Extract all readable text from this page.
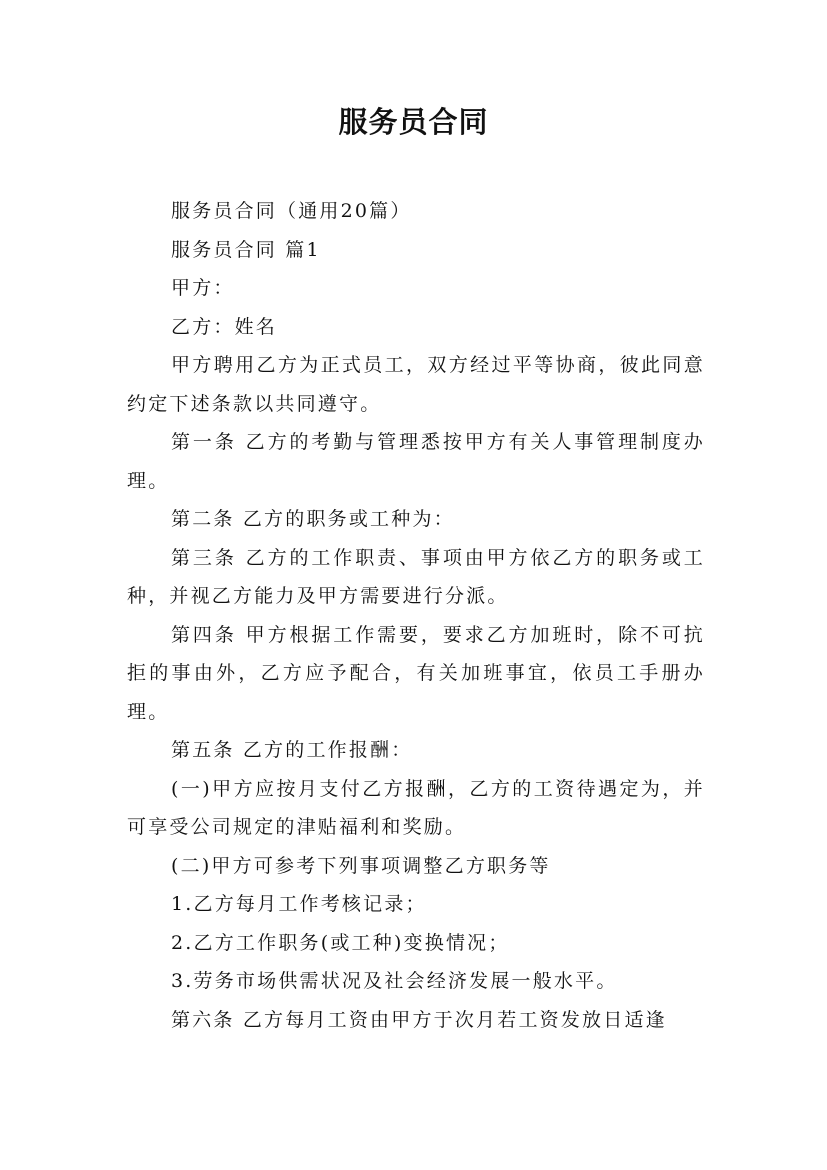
服务员合同

服务员合同（通用20篇）

服务员合同 篇1

甲方：

乙方：姓名

甲方聘用乙方为正式员工，双方经过平等协商，彼此同意约定下述条款以共同遵守。

第一条 乙方的考勤与管理悉按甲方有关人事管理制度办理。

第二条 乙方的职务或工种为：

第三条 乙方的工作职责、事项由甲方依乙方的职务或工种，并视乙方能力及甲方需要进行分派。

第四条 甲方根据工作需要，要求乙方加班时，除不可抗拒的事由外，乙方应予配合，有关加班事宜，依员工手册办理。

第五条 乙方的工作报酬：

(一)甲方应按月支付乙方报酬，乙方的工资待遇定为，并可享受公司规定的津贴福利和奖励。

(二)甲方可参考下列事项调整乙方职务等

1.乙方每月工作考核记录；

2.乙方工作职务(或工种)变换情况；

3.劳务市场供需状况及社会经济发展一般水平。

第六条 乙方每月工资由甲方于次月若工资发放日适逢
